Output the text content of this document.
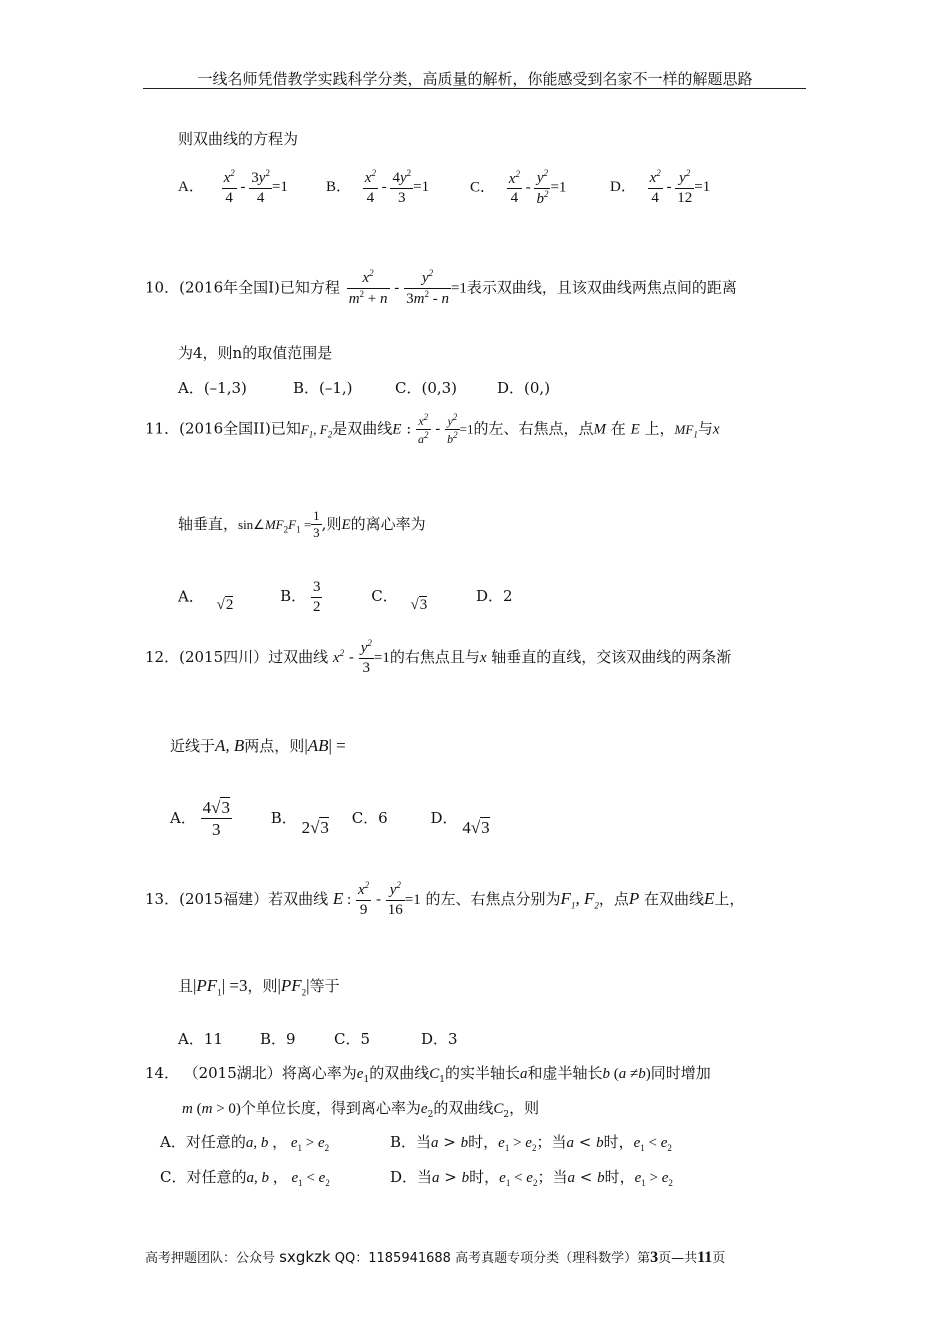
一线名师凭借教学实践科学分类，高质量的解析，你能感受到名家不一样的解题思路
则双曲线的方程为
A． $\frac{x^2}{4} - \frac{3y^2}{4} =1$	B． $\frac{x^2}{4} - \frac{4y^2}{3} =1$	C． $\frac{x^2}{4} - \frac{y^2}{b^2} =1$	D． $\frac{x^2}{4} - \frac{y^2}{12} =1$
10．(2016年全国I)已知方程 $\frac{x^2}{m^2 + n} - \frac{y^2}{3m^2 - n} =1$表示双曲线，且该双曲线两焦点间的距离
为4，则n的取值范围是
A．(–1,3)	B．(–1,)	C．(0,3)	D．(0,)
11．(2016全国II)已知$F_1$, $F_2$是双曲线E : $\frac{x^2}{a^2} - \frac{y^2}{b^2} =1$的左、右焦点，点M 在 E 上，$MF_1$与x
轴垂直，$\sin\angle MF_2F_1 = \frac{1}{3}$ ,则E的离心率为
A． √2	B． $\frac{3}{2}$	C． √3	D．2
12．(2015四川）过双曲线 $x^2 - \frac{y^2}{3} =1$的右焦点且与x 轴垂直的直线，交该双曲线的两条渐
近线于A, B两点，则|AB| =
A． $\frac{4√3}{3}$	B． 2√3 C．6	D． 4√3
13．(2015福建）若双曲线 E : $\frac{x^2}{9} - \frac{y^2}{16} =1$ 的左、右焦点分别为$F_1$, $F_2$，点P 在双曲线E上，
且$|PF_1| =3$，则$|PF_2|$等于
A．11 B．9	C．5	D．3
14． （2015湖北）将离心率为$e_1$的双曲线$C_1$的实半轴长a和虚半轴长b (a ≠b)同时增加
m (m > 0)个单位长度，得到离心率为$e_2$的双曲线$C_2$，则
A．对任意的a, b ， $e_1 > e_2$	B．当a > b时，$e_1 > e_2$；当a < b时，$e_1 < e_2$
C．对任意的a, b ， $e_1 < e_2$	D．当a > b时，$e_1 < e_2$；当a < b时，$e_1 > e_2$
高考押题团队：公众号 sxgkzk QQ：1185941688 高考真题专项分类（理科数学）第3页—共11页
